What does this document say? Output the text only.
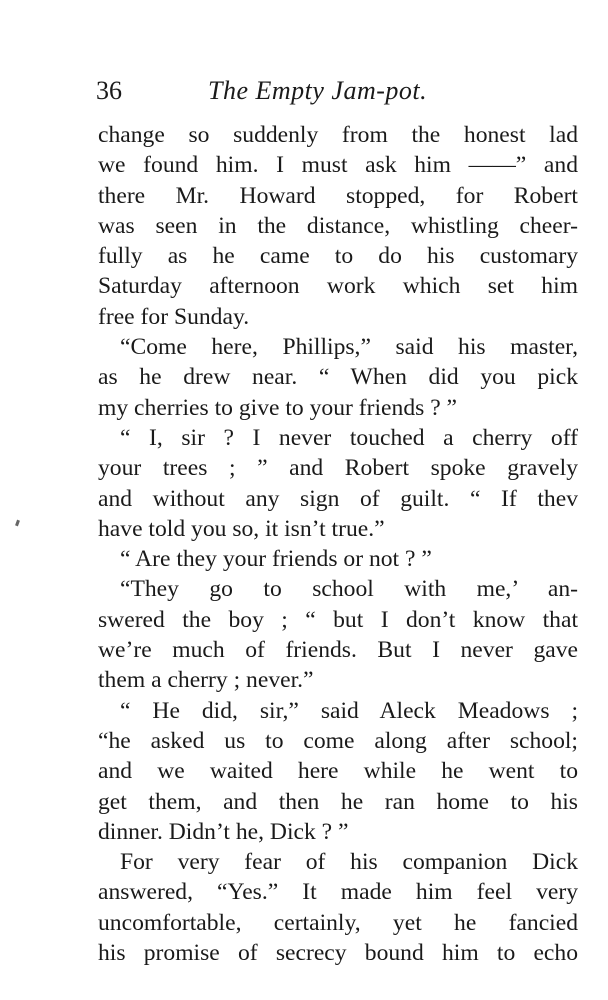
36	The Empty Jam-pot.
change so suddenly from the honest lad
we found him. I must ask him ——” and
there Mr. Howard stopped, for Robert
was seen in the distance, whistling cheer-
fully as he came to do his customary
Saturday afternoon work which set him
free for Sunday.
“Come here, Phillips,” said his master,
as he drew near. “ When did you pick
my cherries to give to your friends ? ”
“ I, sir ? I never touched a cherry off
your trees ; ” and Robert spoke gravely
and without any sign of guilt. “ If thev
have told you so, it isn’t true.”
“ Are they your friends or not ? ”
“They go to school with me,’ an-
swered the boy ; “ but I don’t know that
we’re much of friends. But I never gave
them a cherry ; never.”
“ He did, sir,” said Aleck Meadows ;
“he asked us to come along after school;
and we waited here while he went to
get them, and then he ran home to his
dinner. Didn’t he, Dick ? ”
For very fear of his companion Dick
answered, “Yes.” It made him feel very
uncomfortable, certainly, yet he fancied
his promise of secrecy bound him to echo
